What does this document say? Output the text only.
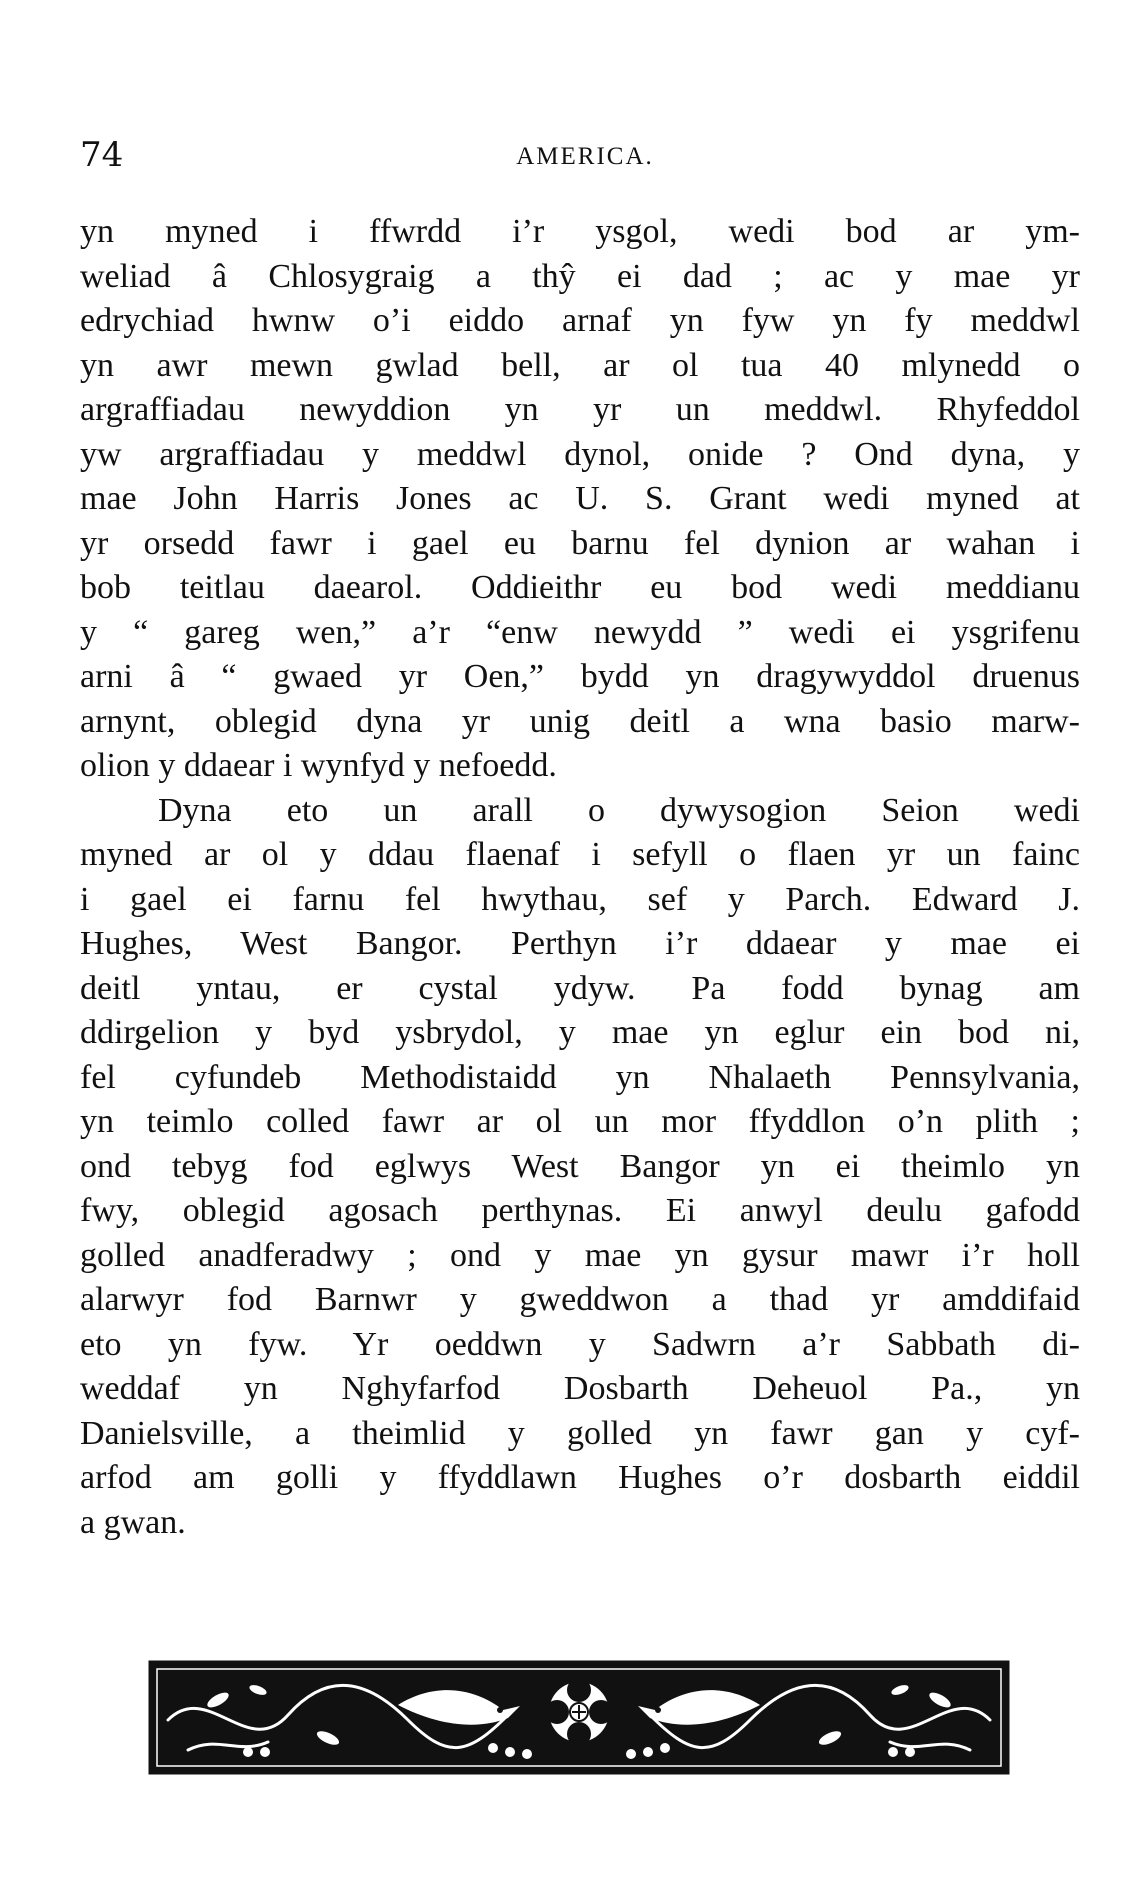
74	AMERICA.
yn myned i ffwrdd i’r ysgol, wedi bod ar ym-
weliad â Chlosygraig a thŷ ei dad ; ac y mae yr
edrychiad hwnw o’i eiddo arnaf yn fyw yn fy meddwl
yn awr mewn gwlad bell, ar ol tua 40 mlynedd o
argraffiadau newyddion yn yr un meddwl. Rhyfeddol
yw argraffiadau y meddwl dynol, onide ? Ond dyna, y
mae John Harris Jones ac U. S. Grant wedi myned at
yr orsedd fawr i gael eu barnu fel dynion ar wahan i
bob teitlau daearol. Oddieithr eu bod wedi meddianu
y “ gareg wen,” a’r “enw newydd ” wedi ei ysgrifenu
arni â “ gwaed yr Oen,” bydd yn dragywyddol druenus
arnynt, oblegid dyna yr unig deitl a wna basio marw-
olion y ddaear i wynfyd y nefoedd.
Dyna eto un arall o dywysogion Seion wedi
myned ar ol y ddau flaenaf i sefyll o flaen yr un fainc
i gael ei farnu fel hwythau, sef y Parch. Edward J.
Hughes, West Bangor. Perthyn i’r ddaear y mae ei
deitl yntau, er cystal ydyw. Pa fodd bynag am
ddirgelion y byd ysbrydol, y mae yn eglur ein bod ni,
fel cyfundeb Methodistaidd yn Nhalaeth Pennsylvania,
yn teimlo colled fawr ar ol un mor ffyddlon o’n plith ;
ond tebyg fod eglwys West Bangor yn ei theimlo yn
fwy, oblegid agosach perthynas. Ei anwyl deulu gafodd
golled anadferadwy ; ond y mae yn gysur mawr i’r holl
alarwyr fod Barnwr y gweddwon a thad yr amddifaid
eto yn fyw. Yr oeddwn y Sadwrn a’r Sabbath di-
weddaf yn Nghyfarfod Dosbarth Deheuol Pa., yn
Danielsville, a theimlid y golled yn fawr gan y cyf-
arfod am golli y ffyddlawn Hughes o’r dosbarth eiddil
a gwan.
